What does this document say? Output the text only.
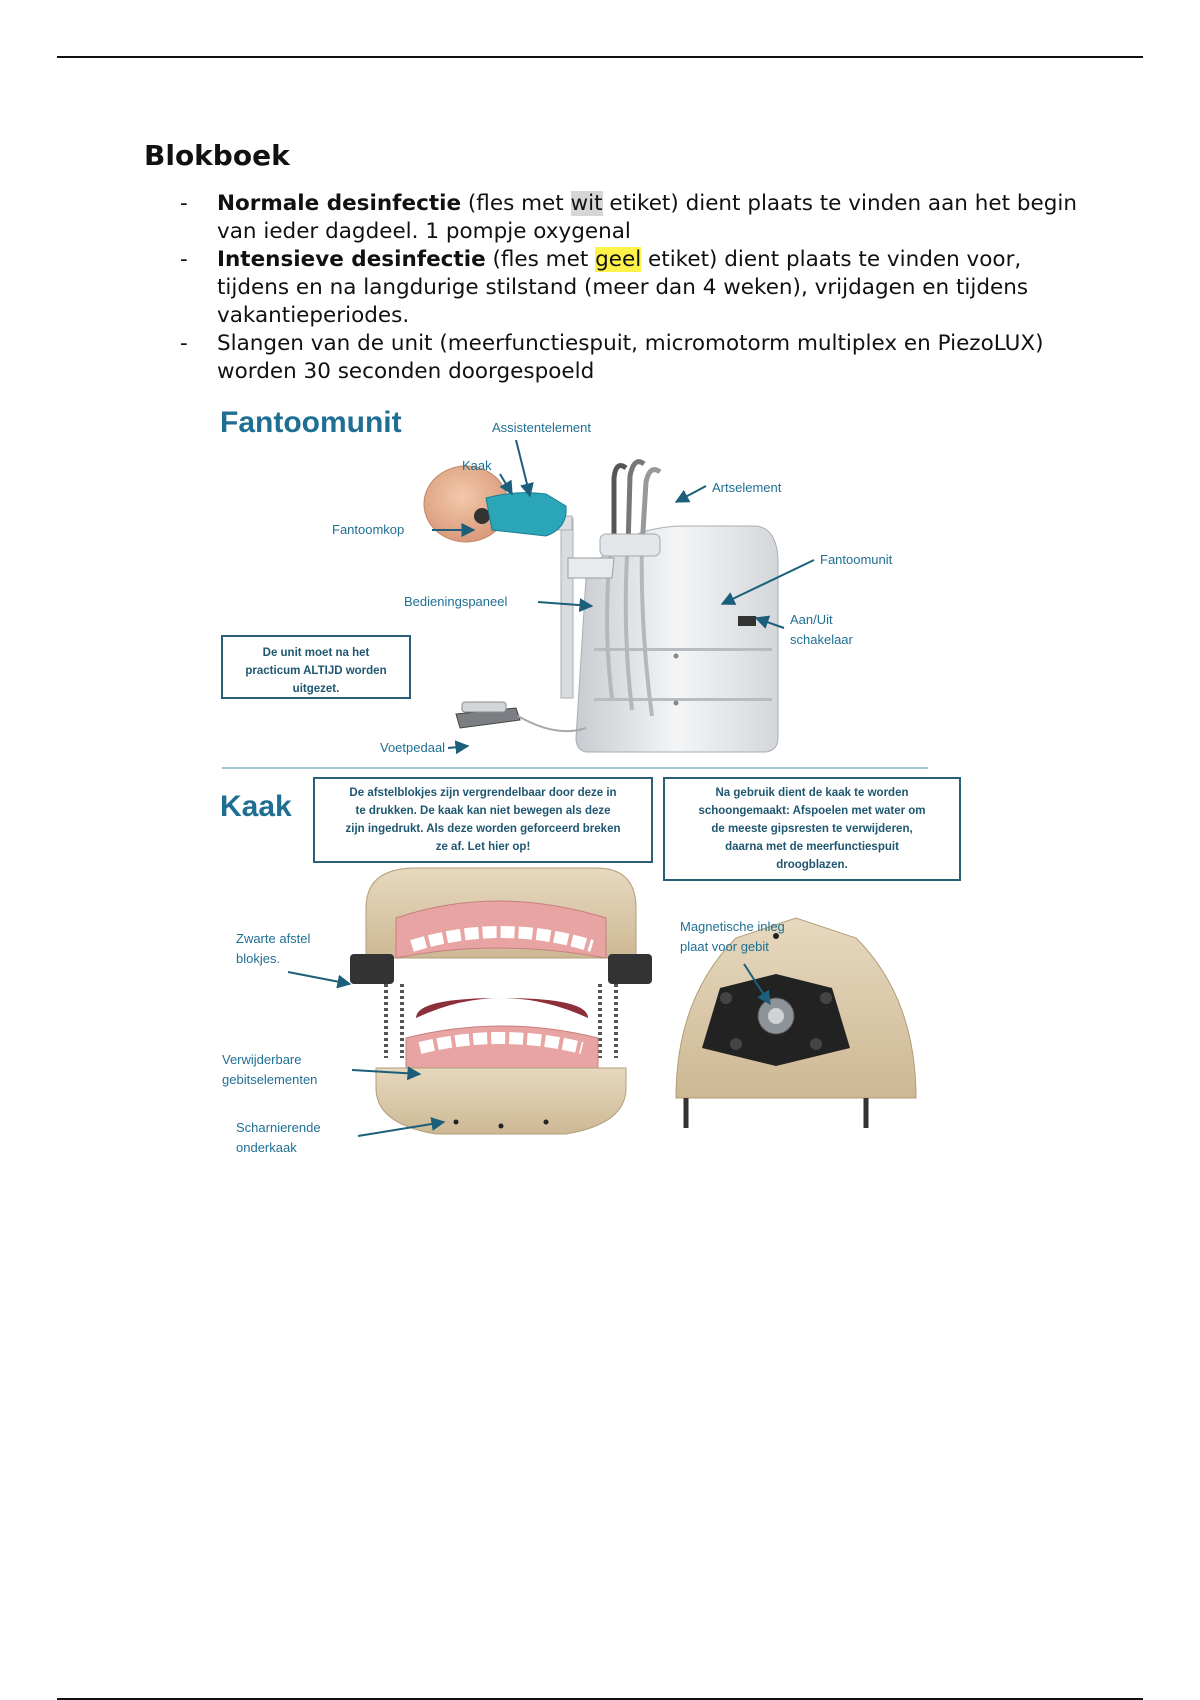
Blokboek

- Normale desinfectie (fles met wit etiket) dient plaats te vinden aan het begin van ieder dagdeel. 1 pompje oxygenal

- Intensieve desinfectie (fles met geel etiket) dient plaats te vinden voor, tijdens en na langdurige stilstand (meer dan 4 weken), vrijdagen en tijdens vakantieperiodes.

- Slangen van de unit (meerfunctiespuit, micromotorm multiplex en PiezoLUX) worden 30 seconden doorgespoeld

Fantoomunit	Assistentelement
Kaak
Artselement
Fantoomkop
Fantoomunit
Bedieningspaneel
Aan/Uit
schakelaar
Voetpedaal
De unit moet na het
practicum ALTIJD worden
uitgezet.
Kaak	De afstelblokjes zijn vergrendelbaar door deze in
te drukken. De kaak kan niet bewegen als deze
zijn ingedrukt. Als deze worden geforceerd breken
ze af. Let hier op!
Na gebruik dient de kaak te worden
schoongemaakt: Afspoelen met water om
de meeste gipsresten te verwijderen,
daarna met de meerfunctiespuit
droogblazen.
Zwarte afstel
blokjes.
Verwijderbare
gebitselementen
Scharnierende
onderkaak
Magnetische inleg
plaat voor gebit
